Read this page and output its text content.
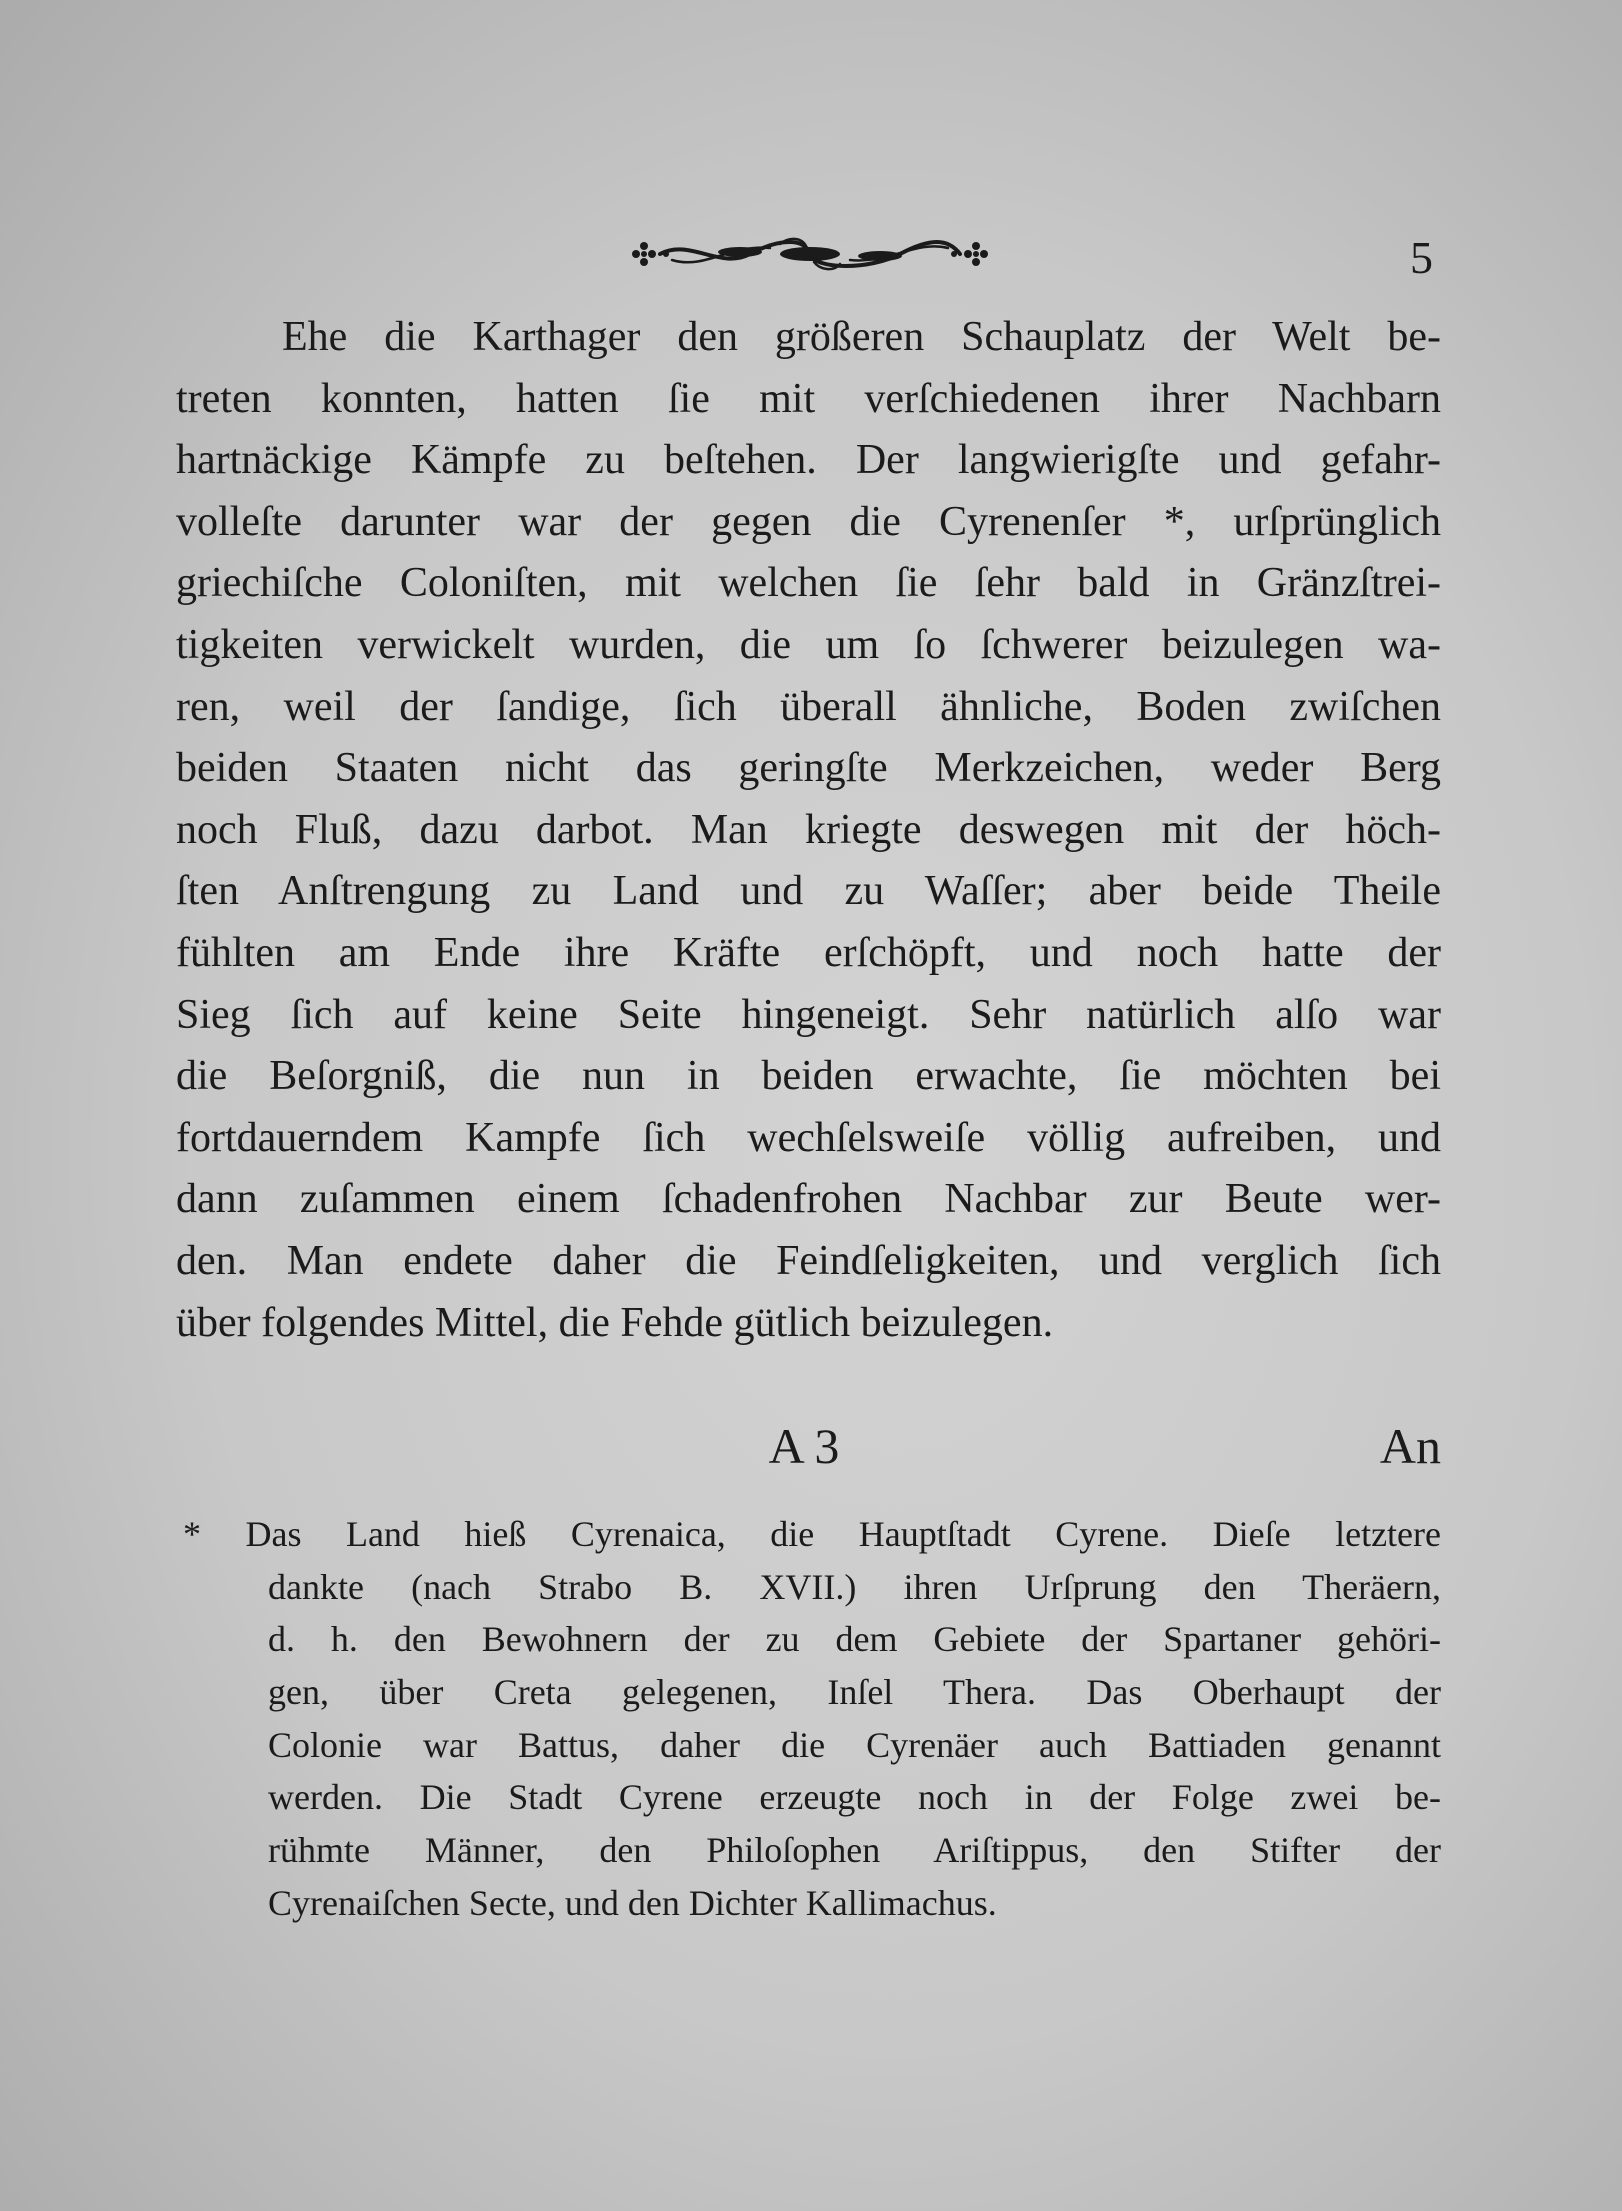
5
Ehe die Karthager den größeren Schauplatz der Welt be-
treten konnten, hatten ſie mit verſchiedenen ihrer Nachbarn
hartnäckige Kämpfe zu beſtehen. Der langwierigſte und gefahr-
volleſte darunter war der gegen die Cyrenenſer *, urſprünglich
griechiſche Coloniſten, mit welchen ſie ſehr bald in Gränzſtrei-
tigkeiten verwickelt wurden, die um ſo ſchwerer beizulegen wa-
ren, weil der ſandige, ſich überall ähnliche, Boden zwiſchen
beiden Staaten nicht das geringſte Merkzeichen, weder Berg
noch Fluß, dazu darbot. Man kriegte deswegen mit der höch-
ſten Anſtrengung zu Land und zu Waſſer; aber beide Theile
fühlten am Ende ihre Kräfte erſchöpft, und noch hatte der
Sieg ſich auf keine Seite hingeneigt. Sehr natürlich alſo war
die Beſorgniß, die nun in beiden erwachte, ſie möchten bei
fortdauerndem Kampfe ſich wechſelsweiſe völlig aufreiben, und
dann zuſammen einem ſchadenfrohen Nachbar zur Beute wer-
den. Man endete daher die Feindſeligkeiten, und verglich ſich
über folgendes Mittel, die Fehde gütlich beizulegen.
A 3	An
* Das Land hieß Cyrenaica, die Hauptſtadt Cyrene. Dieſe letztere
dankte (nach Strabo B. XVII.) ihren Urſprung den Theräern,
d. h. den Bewohnern der zu dem Gebiete der Spartaner gehöri-
gen, über Creta gelegenen, Inſel Thera. Das Oberhaupt der
Colonie war Battus, daher die Cyrenäer auch Battiaden genannt
werden. Die Stadt Cyrene erzeugte noch in der Folge zwei be-
rühmte Männer, den Philoſophen Ariſtippus, den Stifter der
Cyrenaiſchen Secte, und den Dichter Kallimachus.
